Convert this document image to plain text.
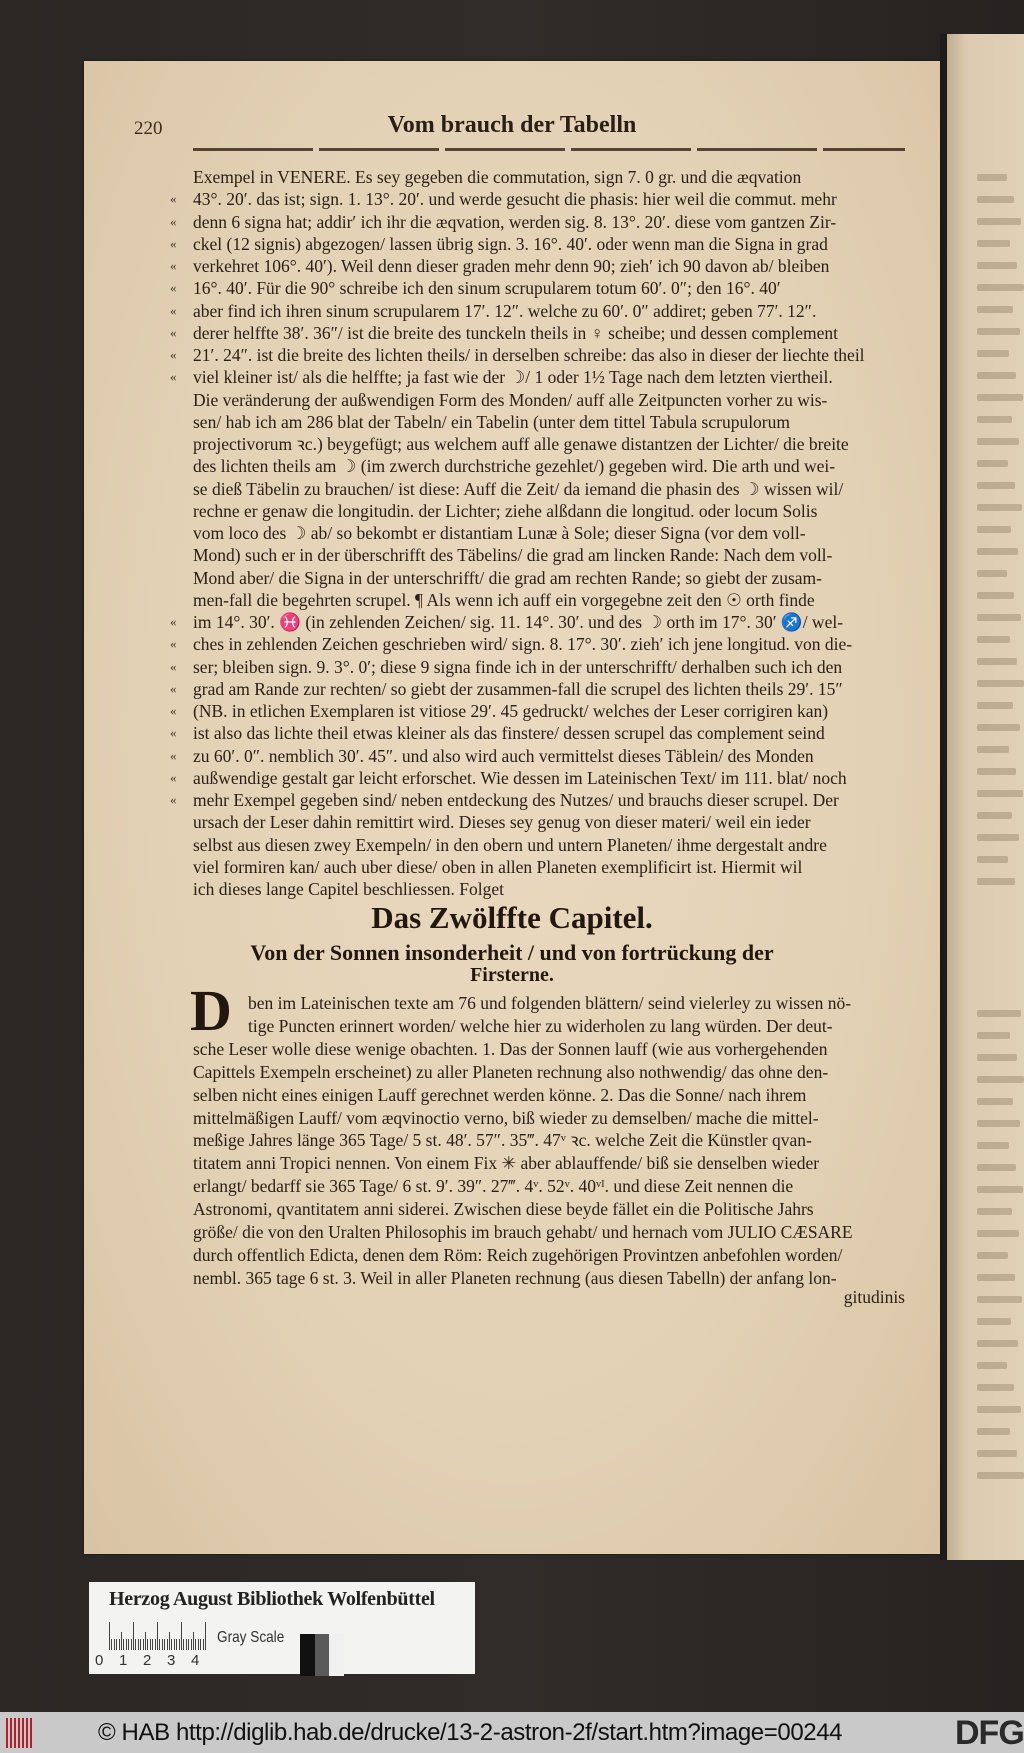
220	Vom brauch der Tabelln
Exempel in VENERE. Es sey gegeben die commutation, sign 7. 0 gr. und die æqvation
« 43°. 20′. das ist; sign. 1. 13°. 20′. und werde gesucht die phasis: hier weil die commut. mehr
« denn 6 signa hat; addir′ ich ihr die æqvation, werden sig. 8. 13°. 20′. diese vom gantzen Zir-
« ckel (12 signis) abgezogen/ lassen übrig sign. 3. 16°. 40′. oder wenn man die Signa in grad
« verkehret 106°. 40′). Weil denn dieser graden mehr denn 90; zieh′ ich 90 davon ab/ bleiben
« 16°. 40′. Für die 90° schreibe ich den sinum scrupularem totum 60′. 0″; den 16°. 40′
« aber find ich ihren sinum scrupularem 17′. 12″. welche zu 60′. 0″ addiret; geben 77′. 12″.
« derer helffte 38′. 36″/ ist die breite des tunckeln theils in ♀ scheibe; und dessen complement
« 21′. 24″. ist die breite des lichten theils/ in derselben schreibe: das also in dieser der liechte theil
« viel kleiner ist/ als die helffte; ja fast wie der ☽/ 1 oder 1½ Tage nach dem letzten viertheil.
Die veränderung der außwendigen Form des Monden/ auff alle Zeitpuncten vorher zu wis-
sen/ hab ich am 286 blat der Tabeln/ ein Tabelin (unter dem tittel Tabula scrupulorum
projectivorum ꝛc.) beygefügt; aus welchem auff alle genawe distantzen der Lichter/ die breite
des lichten theils am ☽ (im zwerch durchstriche gezehlet/) gegeben wird. Die arth und wei-
se dieß Täbelin zu brauchen/ ist diese: Auff die Zeit/ da iemand die phasin des ☽ wissen wil/
rechne er genaw die longitudin. der Lichter; ziehe alßdann die longitud. oder locum Solis
vom loco des ☽ ab/ so bekombt er distantiam Lunæ à Sole; dieser Signa (vor dem voll-
Mond) such er in der überschrifft des Täbelins/ die grad am lincken Rande: Nach dem voll-
Mond aber/ die Signa in der unterschrifft/ die grad am rechten Rande; so giebt der zusam-
men-fall die begehrten scrupel. ¶ Als wenn ich auff ein vorgegebne zeit den ☉ orth finde
« im 14°. 30′. ♓ (in zehlenden Zeichen/ sig. 11. 14°. 30′. und des ☽ orth im 17°. 30′ ♐/ wel-
« ches in zehlenden Zeichen geschrieben wird/ sign. 8. 17°. 30′. zieh′ ich jene longitud. von die-
« ser; bleiben sign. 9. 3°. 0′; diese 9 signa finde ich in der unterschrifft/ derhalben such ich den
« grad am Rande zur rechten/ so giebt der zusammen-fall die scrupel des lichten theils 29′. 15″
« (NB. in etlichen Exemplaren ist vitiose 29′. 45 gedruckt/ welches der Leser corrigiren kan)
« ist also das lichte theil etwas kleiner als das finstere/ dessen scrupel das complement seind
« zu 60′. 0″. nemblich 30′. 45″. und also wird auch vermittelst dieses Täblein/ des Monden
« außwendige gestalt gar leicht erforschet. Wie dessen im Lateinischen Text/ im 111. blat/ noch
« mehr Exempel gegeben sind/ neben entdeckung des Nutzes/ und brauchs dieser scrupel. Der
ursach der Leser dahin remittirt wird. Dieses sey genug von dieser materi/ weil ein ieder
selbst aus diesen zwey Exempeln/ in den obern und untern Planeten/ ihme dergestalt andre
viel formiren kan/ auch uber diese/ oben in allen Planeten exemplificirt ist. Hiermit wil
ich dieses lange Capitel beschliessen. Folget
Das Zwölffte Capitel.
Von der Sonnen insonderheit / und von fortrückung der
Firsterne.
D ben im Lateinischen texte am 76 und folgenden blättern/ seind vielerley zu wissen nö-
tige Puncten erinnert worden/ welche hier zu widerholen zu lang würden. Der deut-
sche Leser wolle diese wenige obachten. 1. Das der Sonnen lauff (wie aus vorhergehenden
Capittels Exempeln erscheinet) zu aller Planeten rechnung also nothwendig/ das ohne den-
selben nicht eines einigen Lauff gerechnet werden könne. 2. Das die Sonne/ nach ihrem
mittelmäßigen Lauff/ vom æqvinoctio verno, biß wieder zu demselben/ mache die mittel-
meßige Jahres länge 365 Tage/ 5 st. 48′. 57″. 35‴. 47ᵛ ꝛc. welche Zeit die Künstler qvan-
titatem anni Tropici nennen. Von einem Fix ✳ aber ablauffende/ biß sie denselben wieder
erlangt/ bedarff sie 365 Tage/ 6 st. 9′. 39″. 27‴. 4ᵛ. 52ᵛ. 40ᵛᴵ. und diese Zeit nennen die
Astronomi, qvantitatem anni siderei. Zwischen diese beyde fället ein die Politische Jahrs
größe/ die von den Uralten Philosophis im brauch gehabt/ und hernach vom JULIO CÆSARE
durch offentlich Edicta, denen dem Röm: Reich zugehörigen Provintzen anbefohlen worden/
nembl. 365 tage 6 st. 3. Weil in aller Planeten rechnung (aus diesen Tabelln) der anfang lon-
gitudinis
Herzog August Bibliothek Wolfenbüttel
0 1 2 3 4
Gray Scale
© HAB http://diglib.hab.de/drucke/13-2-astron-2f/start.htm?image=00244	DFG
